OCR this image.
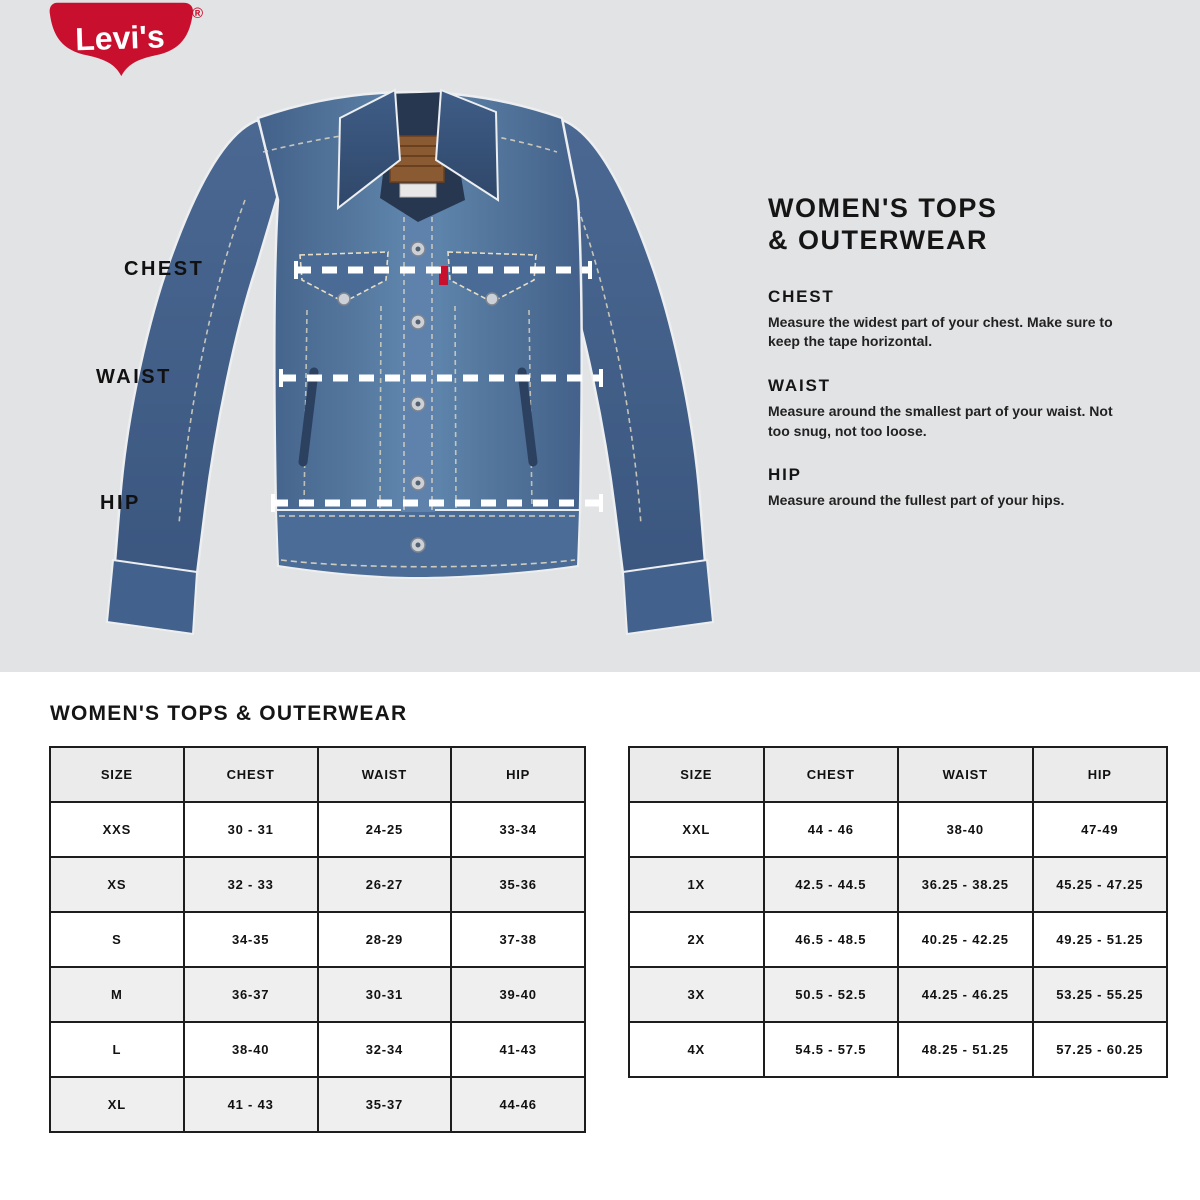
Levi's
®
CHEST
WAIST
HIP
WOMEN'S TOPS
& OUTERWEAR
CHEST

Measure the widest part of your chest. Make sure to keep the tape horizontal.

WAIST

Measure around the smallest part of your waist. Not too snug, not too loose.

HIP

Measure around the fullest part of your hips.

WOMEN'S TOPS & OUTERWEAR
SIZE	CHEST	WAIST	HIP
XXS	30 - 31	24-25	33-34
XS	32 - 33	26-27	35-36
S	34-35	28-29	37-38
M	36-37	30-31	39-40
L	38-40	32-34	41-43
XL	41 - 43	35-37	44-46
SIZE	CHEST	WAIST	HIP
XXL	44 - 46	38-40	47-49
1X	42.5 - 44.5	36.25 - 38.25	45.25 - 47.25
2X	46.5 - 48.5	40.25 - 42.25	49.25 - 51.25
3X	50.5 - 52.5	44.25 - 46.25	53.25 - 55.25
4X	54.5 - 57.5	48.25 - 51.25	57.25 - 60.25
